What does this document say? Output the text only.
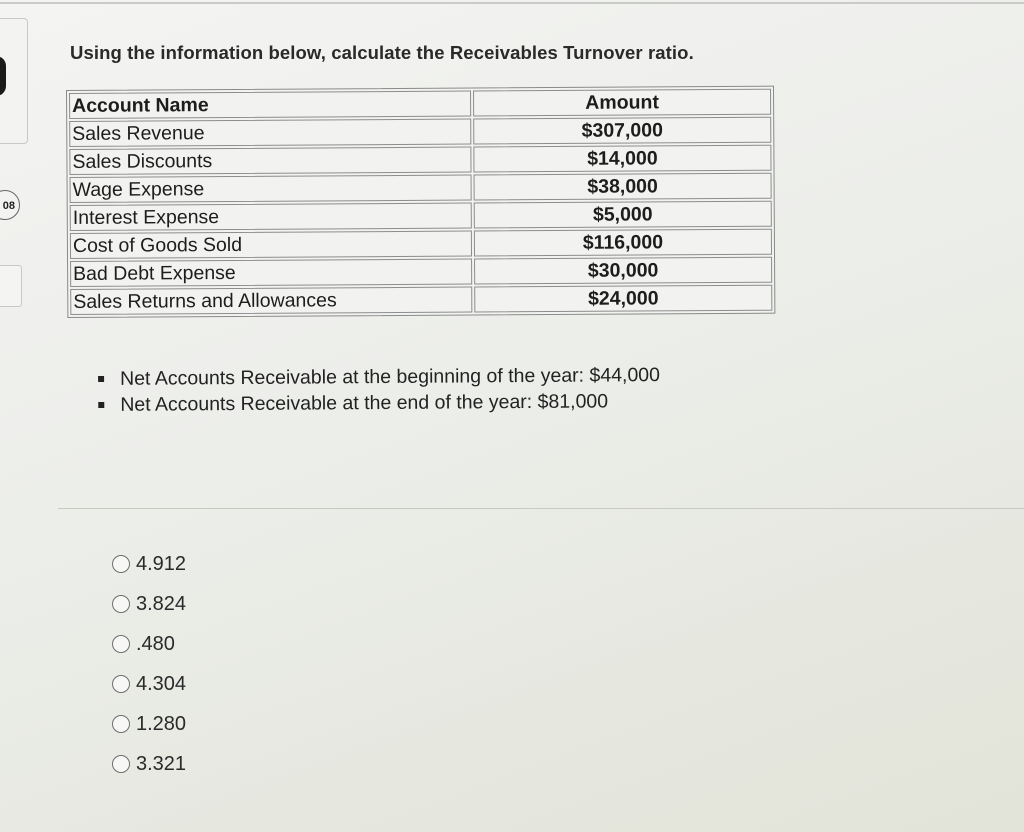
08
Using the information below, calculate the Receivables Turnover ratio.
Account Name	Amount
Sales Revenue	$307,000
Sales Discounts	$14,000
Wage Expense	$38,000
Interest Expense	$5,000
Cost of Goods Sold	$116,000
Bad Debt Expense	$30,000
Sales Returns and Allowances	$24,000
Net Accounts Receivable at the beginning of the year: $44,000
Net Accounts Receivable at the end of the year: $81,000
4.912
3.824
.480
4.304
1.280
3.321
